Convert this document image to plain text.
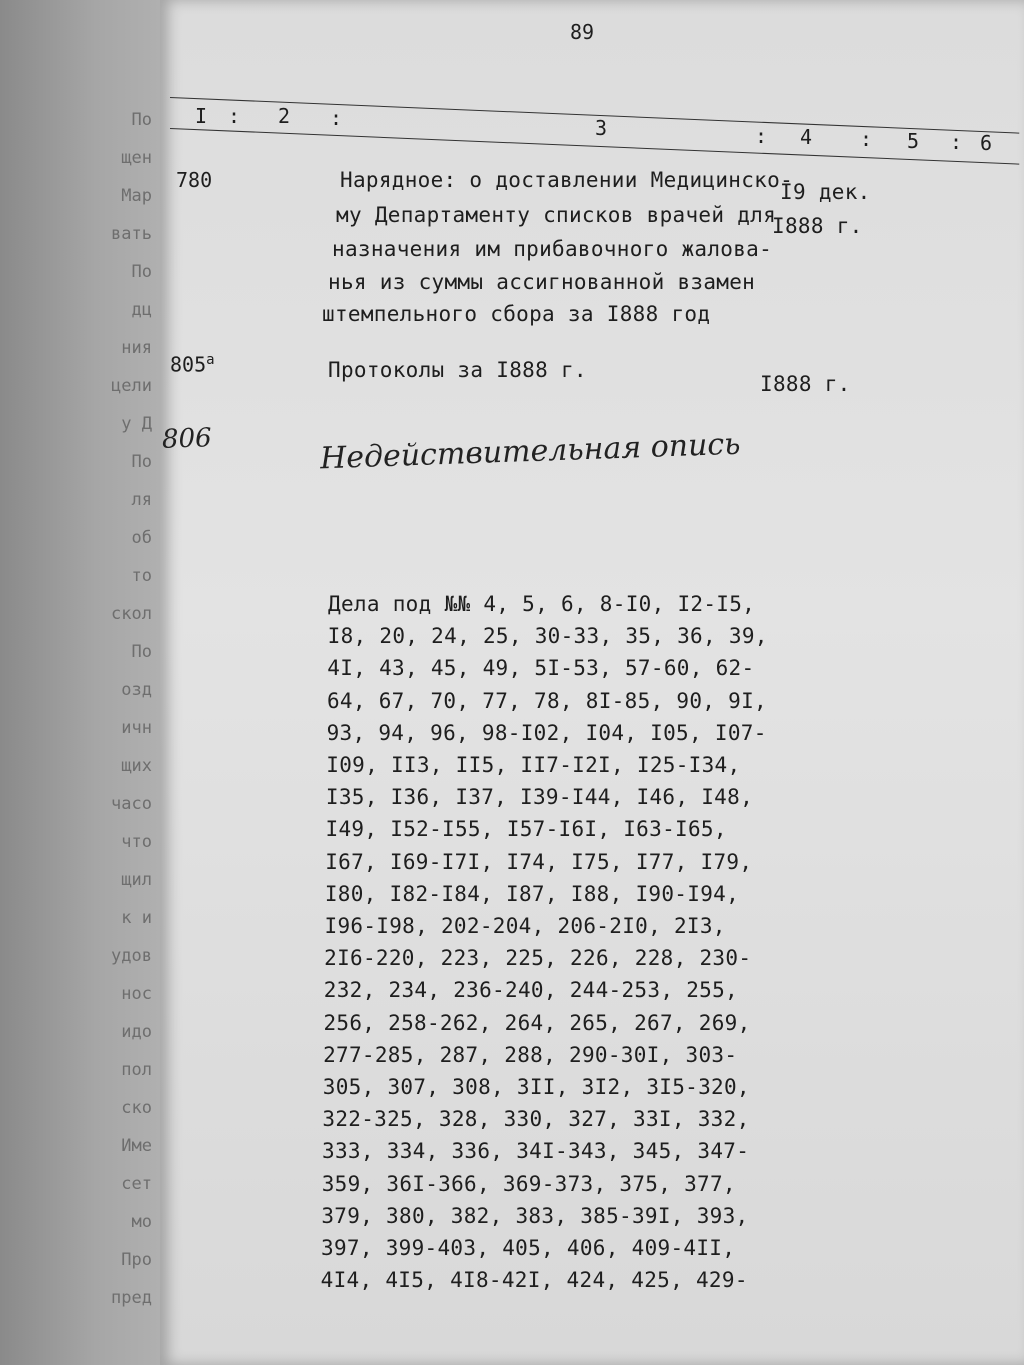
По
щен
Мар
вать
По
дц
ния
цели
у Д
По
ля
об
то
скол
По
озд
ичн
щих
часо
что
щил
к и
удов
нос
идо
пол
ско
Име
сет
мо
Про
пред
89
I : 2 :	3	: 4 : 5 : 6
780	Нарядное: о доставлении Медицинско-
му Департаменту списков врачей для
назначения им прибавочного жалова-
нья из суммы ассигнованной взамен
штемпельного сбора за I888 год
I9 дек.
I888 г.
$805^а$	Протоколы за I888 г.
I888 г.
806	Недействительная опись
Дела под №№ 4, 5, 6, 8-I0, I2-I5,
I8, 20, 24, 25, 30-33, 35, 36, 39,
4I, 43, 45, 49, 5I-53, 57-60, 62-
64, 67, 70, 77, 78, 8I-85, 90, 9I,
93, 94, 96, 98-I02, I04, I05, I07-
I09, II3, II5, II7-I2I, I25-I34,
I35, I36, I37, I39-I44, I46, I48,
I49, I52-I55, I57-I6I, I63-I65,
I67, I69-I7I, I74, I75, I77, I79,
I80, I82-I84, I87, I88, I90-I94,
I96-I98, 202-204, 206-2I0, 2I3,
2I6-220, 223, 225, 226, 228, 230-
232, 234, 236-240, 244-253, 255,
256, 258-262, 264, 265, 267, 269,
277-285, 287, 288, 290-30I, 303-
305, 307, 308, 3II, 3I2, 3I5-320,
322-325, 328, 330, 327, 33I, 332,
333, 334, 336, 34I-343, 345, 347-
359, 36I-366, 369-373, 375, 377,
379, 380, 382, 383, 385-39I, 393,
397, 399-403, 405, 406, 409-4II,
4I4, 4I5, 4I8-42I, 424, 425, 429-
